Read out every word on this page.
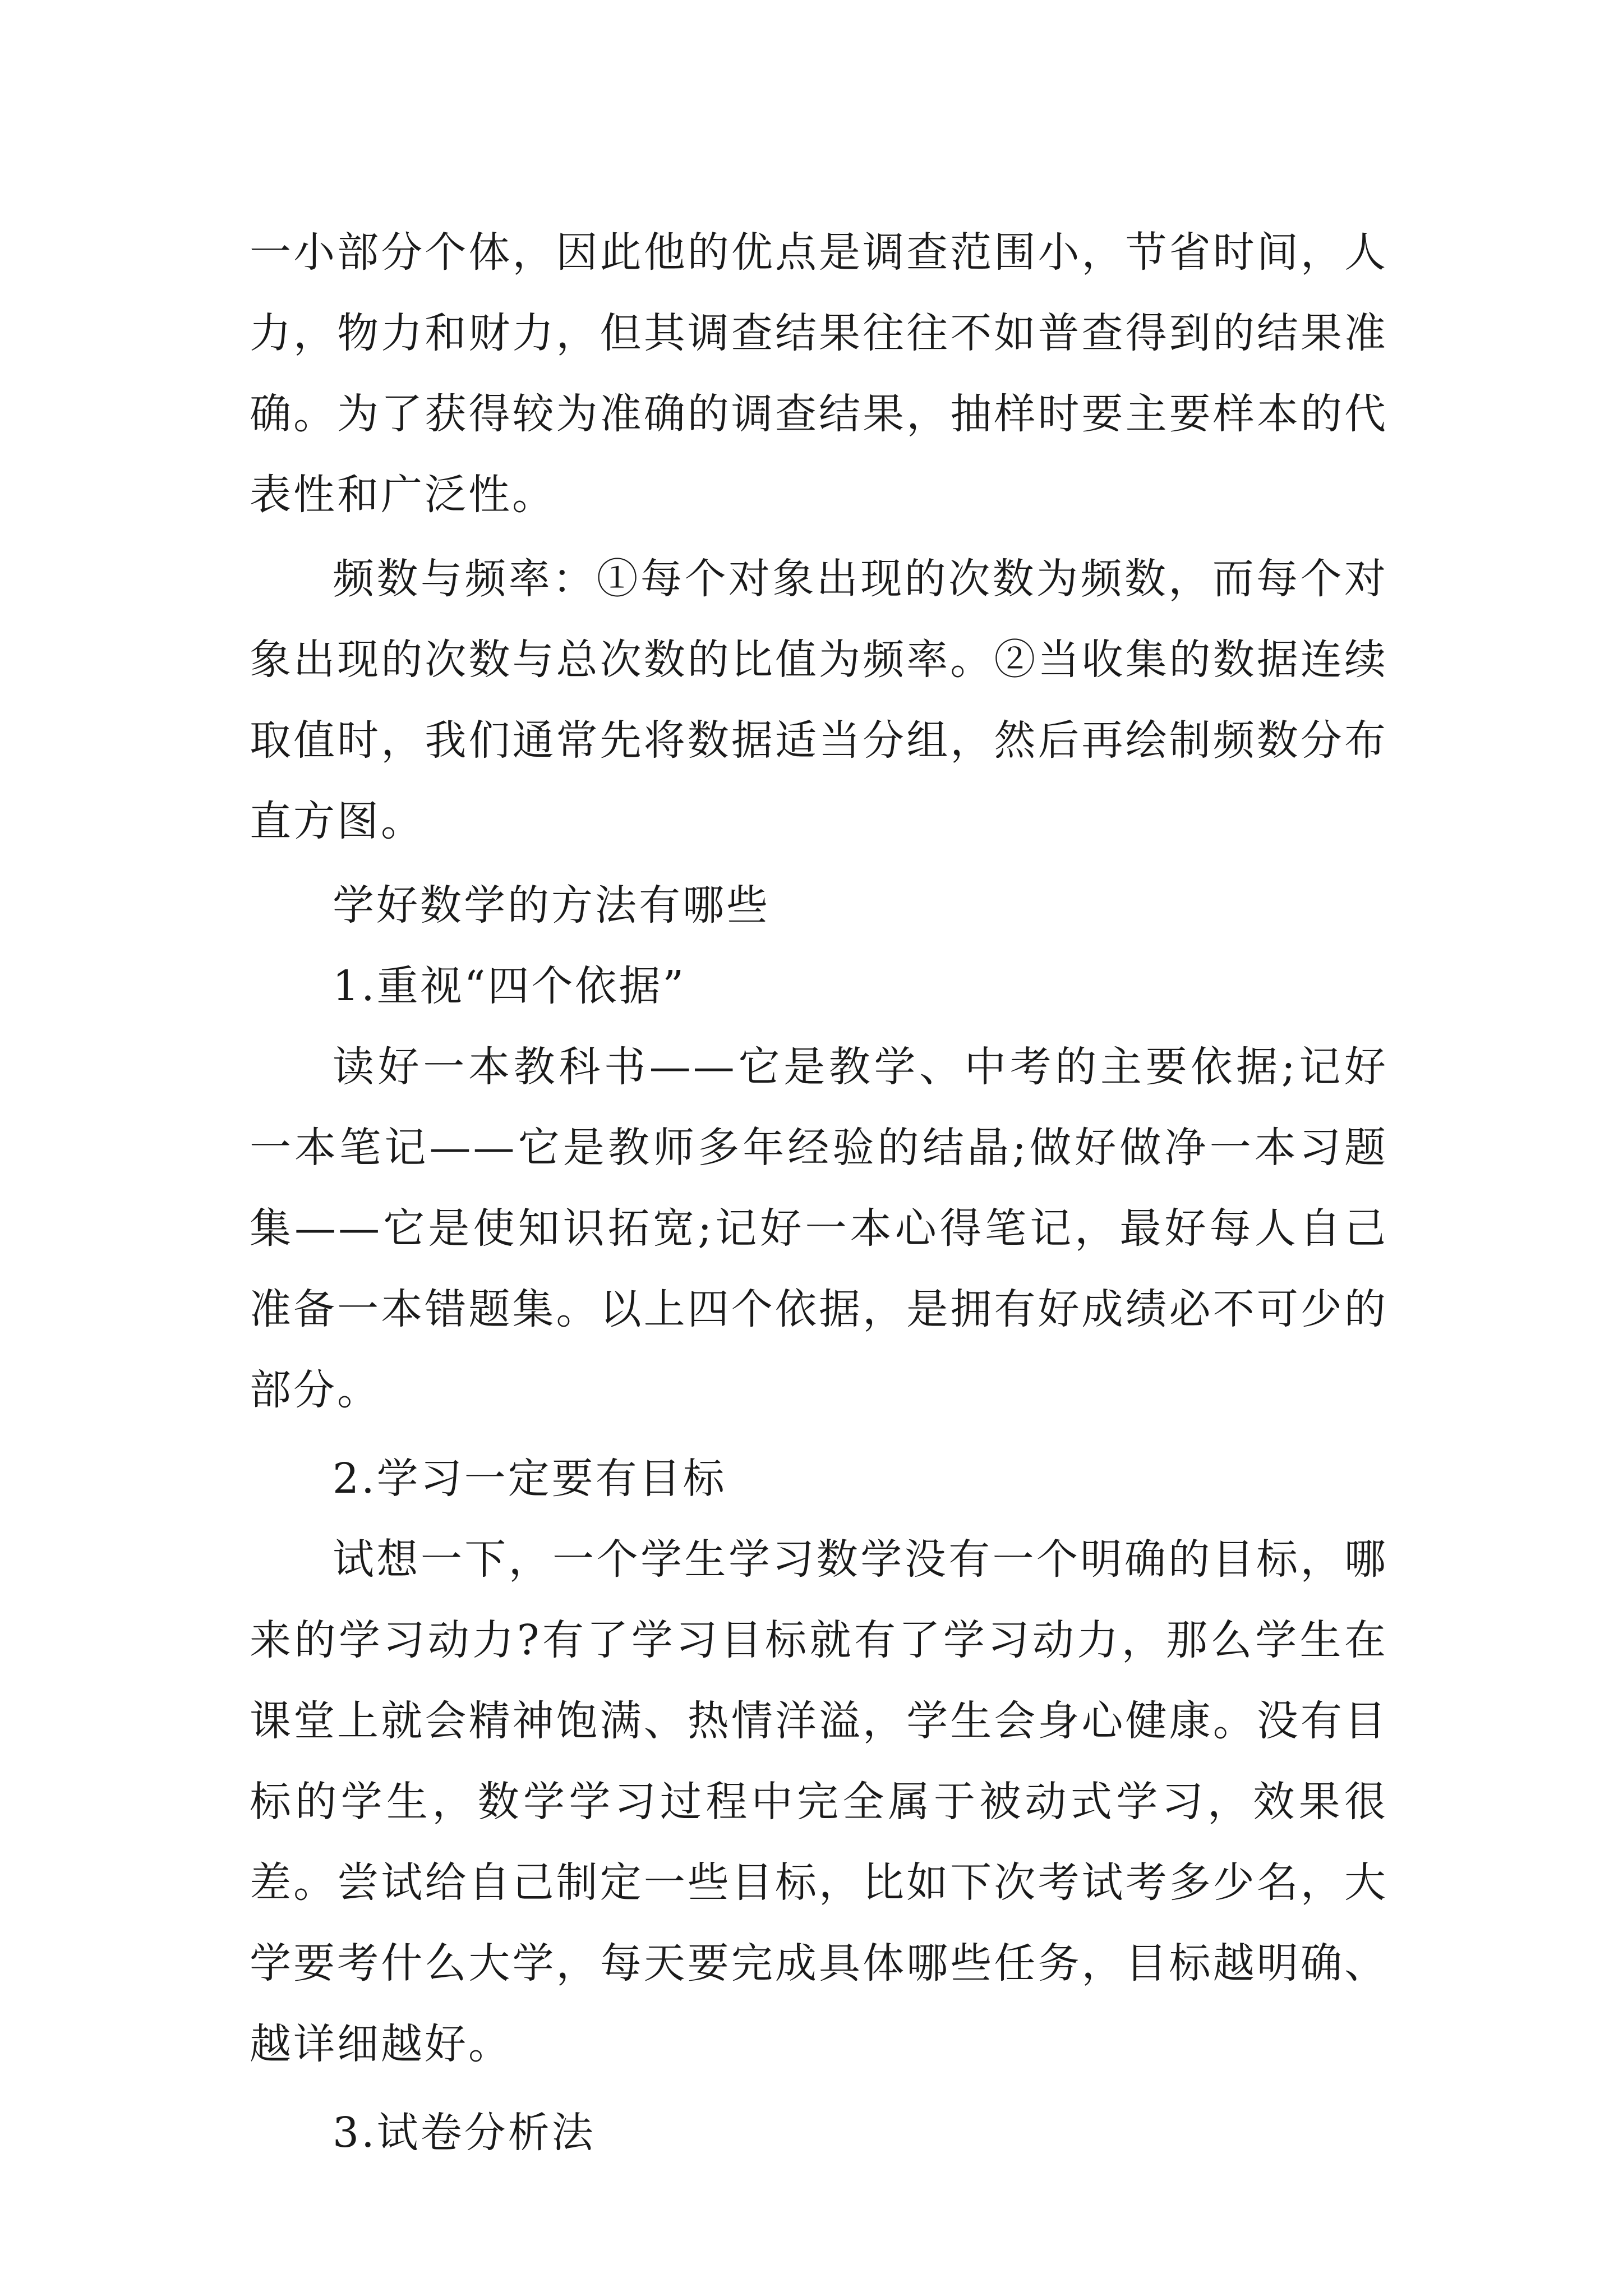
一小部分个体，因此他的优点是调查范围小，节省时间，人力，物力和财力，但其调查结果往往不如普查得到的结果准确。为了获得较为准确的调查结果，抽样时要主要样本的代表性和广泛性。

频数与频率：①每个对象出现的次数为频数，而每个对象出现的次数与总次数的比值为频率。②当收集的数据连续取值时，我们通常先将数据适当分组，然后再绘制频数分布直方图。

学好数学的方法有哪些

1.重视“四个依据”

读好一本教科书——它是教学、中考的主要依据;记好一本笔记——它是教师多年经验的结晶;做好做净一本习题集——它是使知识拓宽;记好一本心得笔记，最好每人自己准备一本错题集。以上四个依据，是拥有好成绩必不可少的部分。

2.学习一定要有目标

试想一下，一个学生学习数学没有一个明确的目标，哪来的学习动力?有了学习目标就有了学习动力，那么学生在课堂上就会精神饱满、热情洋溢，学生会身心健康。没有目标的学生，数学学习过程中完全属于被动式学习，效果很差。尝试给自己制定一些目标，比如下次考试考多少名，大学要考什么大学，每天要完成具体哪些任务，目标越明确、越详细越好。

3.试卷分析法
